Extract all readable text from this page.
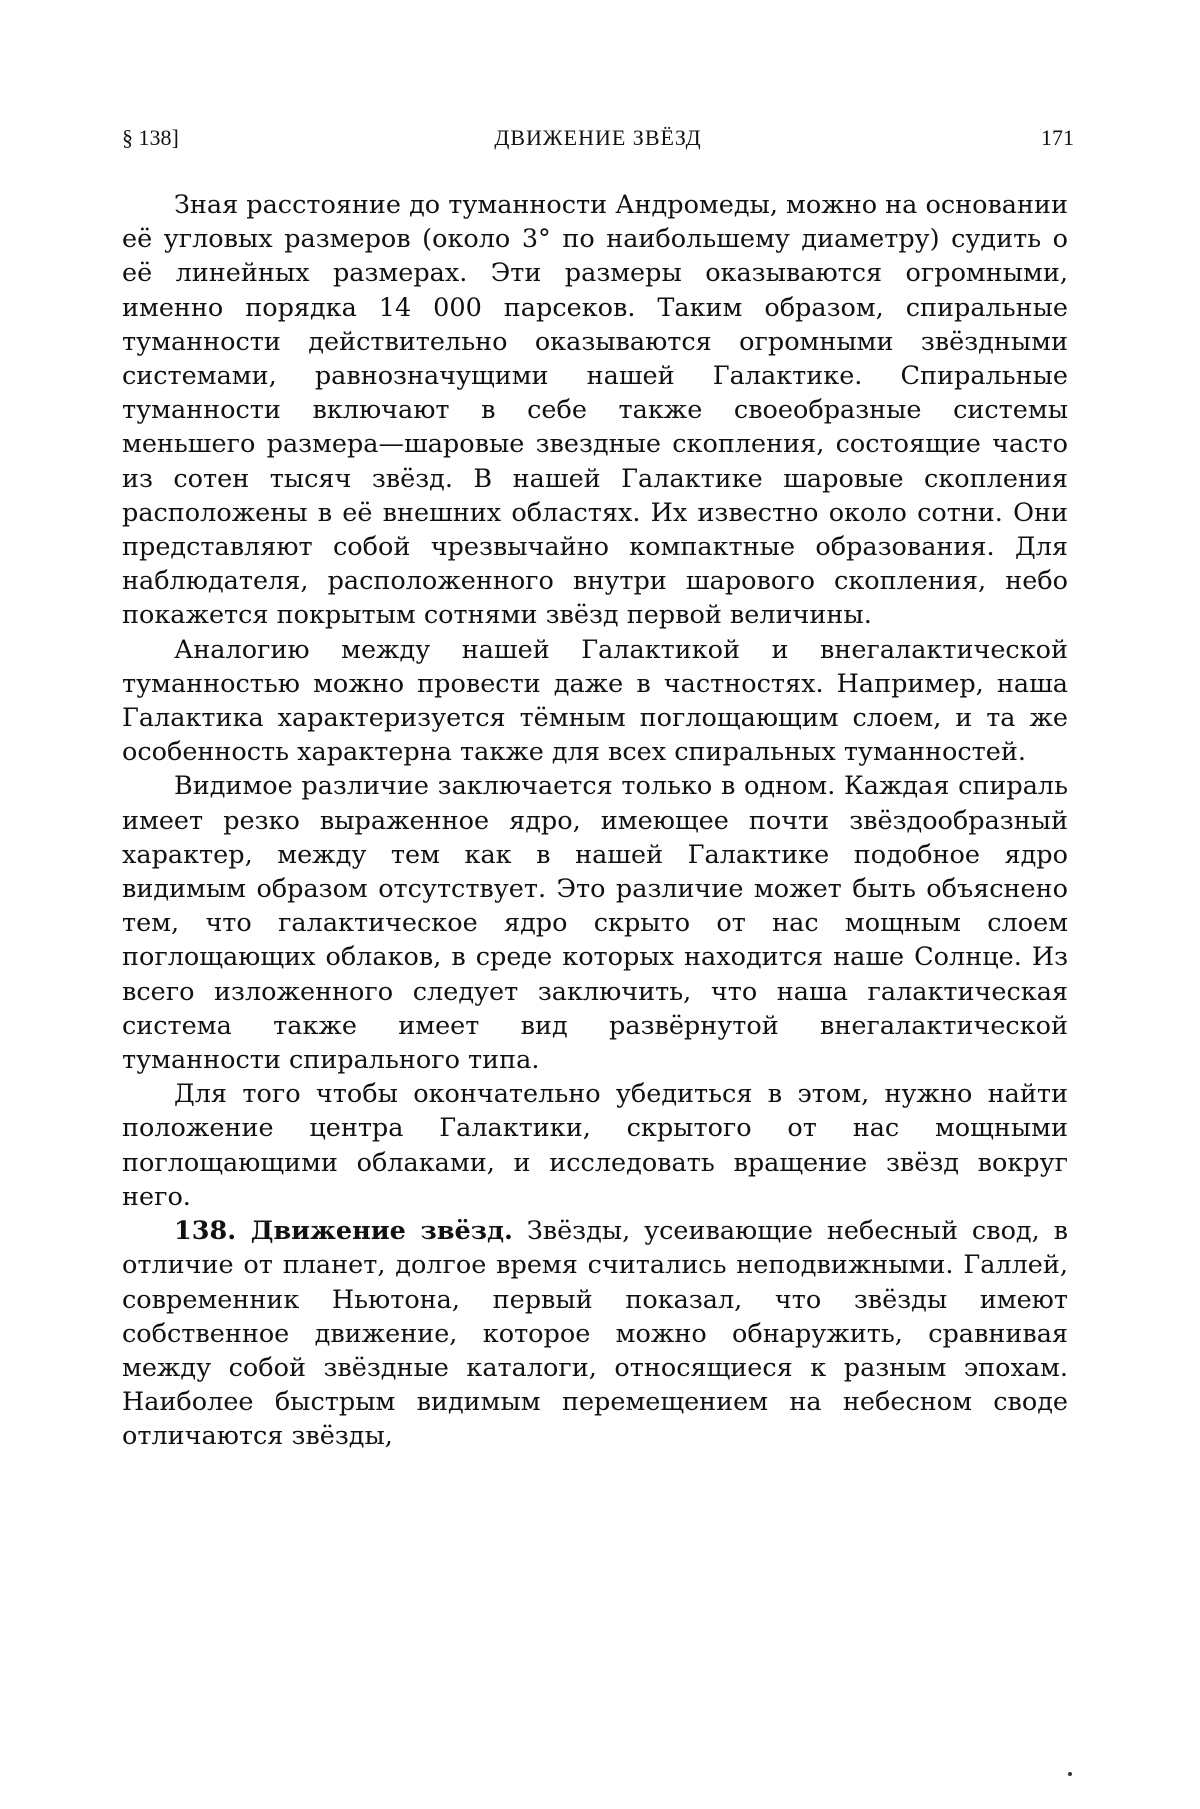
§ 138]	ДВИЖЕНИЕ ЗВЁЗД	171

Зная расстояние до туманности Андромеды, можно на основании её угловых размеров (около 3° по наибольшему диаметру) судить о её линейных размерах. Эти размеры оказываются огромными, именно порядка 14 000 парсеков. Таким образом, спиральные туманности действительно оказываются огромными звёздными системами, равнозначущими нашей Галактике. Спиральные туманности включают в себе также своеобразные системы меньшего размера—шаровые звездные скопления, состоящие часто из сотен тысяч звёзд. В нашей Галактике шаровые скопления расположены в её внешних областях. Их известно около сотни. Они представляют собой чрезвычайно компактные образования. Для наблюдателя, расположенного внутри шарового скопления, небо покажется покрытым сотнями звёзд первой величины.

Аналогию между нашей Галактикой и внегалактической туманностью можно провести даже в частностях. Например, наша Галактика характеризуется тёмным поглощающим слоем, и та же особенность характерна также для всех спиральных туманностей.

Видимое различие заключается только в одном. Каждая спираль имеет резко выраженное ядро, имеющее почти звёздообразный характер, между тем как в нашей Галактике подобное ядро видимым образом отсутствует. Это различие может быть объяснено тем, что галактическое ядро скрыто от нас мощным слоем поглощающих облаков, в среде которых находится наше Солнце. Из всего изложенного следует заключить, что наша галактическая система также имеет вид развёрнутой внегалактической туманности спирального типа.

Для того чтобы окончательно убедиться в этом, нужно найти положение центра Галактики, скрытого от нас мощными поглощающими облаками, и исследовать вращение звёзд вокруг него.

138. Движение звёзд. Звёзды, усеивающие небесный свод, в отличие от планет, долгое время считались неподвижными. Галлей, современник Ньютона, первый показал, что звёзды имеют собственное движение, которое можно обнаружить, сравнивая между собой звёздные каталоги, относящиеся к разным эпохам. Наиболее быстрым видимым перемещением на небесном своде отличаются звёзды,
